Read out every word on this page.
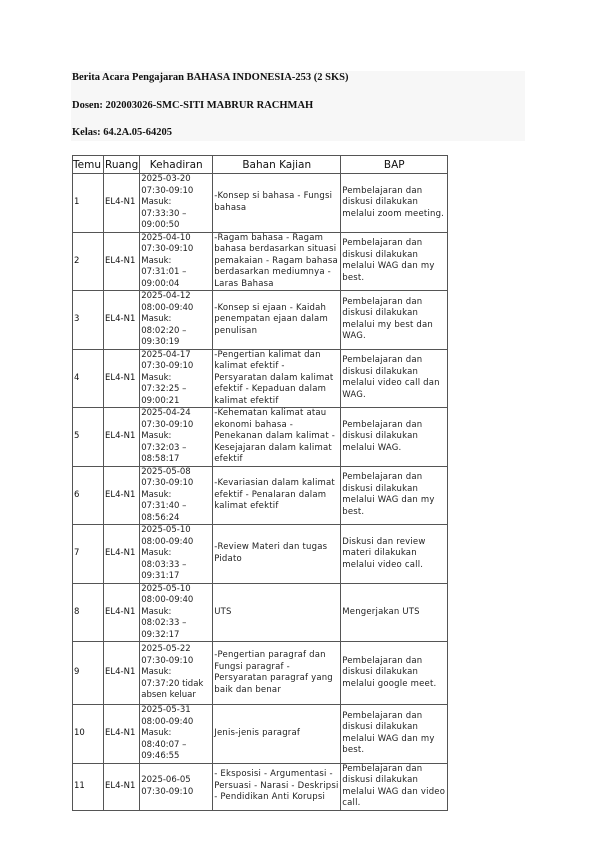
Berita Acara Pengajaran BAHASA INDONESIA-253 (2 SKS)
Dosen: 202003026-SMC-SITI MABRUR RACHMAH
Kelas: 64.2A.05-64205
Temu	Ruang	Kehadiran	Bahan Kajian	BAP
1	EL4-N1	2025-03-20
07:30-09:10
Masuk: 07:33:30 – 09:00:50	-Konsep si bahasa - Fungsi bahasa	Pembelajaran dan diskusi dilakukan melalui zoom meeting.
2	EL4-N1	2025-04-10
07:30-09:10
Masuk: 07:31:01 – 09:00:04	-Ragam bahasa - Ragam bahasa berdasarkan situasi pemakaian - Ragam bahasa berdasarkan mediumnya - Laras Bahasa	Pembelajaran dan diskusi dilakukan melalui WAG dan my best.
3	EL4-N1	2025-04-12
08:00-09:40
Masuk: 08:02:20 – 09:30:19	-Konsep si ejaan - Kaidah penempatan ejaan dalam penulisan	Pembelajaran dan diskusi dilakukan melalui my best dan WAG.
4	EL4-N1	2025-04-17
07:30-09:10
Masuk: 07:32:25 – 09:00:21	-Pengertian kalimat dan kalimat efektif - Persyaratan dalam kalimat efektif - Kepaduan dalam kalimat efektif	Pembelajaran dan diskusi dilakukan melalui video call dan WAG.
5	EL4-N1	2025-04-24
07:30-09:10
Masuk: 07:32:03 – 08:58:17	-Kehematan kalimat atau ekonomi bahasa - Penekanan dalam kalimat - Kesejajaran dalam kalimat efektif	Pembelajaran dan diskusi dilakukan melalui WAG.
6	EL4-N1	2025-05-08
07:30-09:10
Masuk: 07:31:40 – 08:56:24	-Kevariasian dalam kalimat efektif - Penalaran dalam kalimat efektif	Pembelajaran dan diskusi dilakukan melalui WAG dan my best.
7	EL4-N1	2025-05-10
08:00-09:40
Masuk: 08:03:33 – 09:31:17	-Review Materi dan tugas Pidato	Diskusi dan review materi dilakukan melalui video call.
8	EL4-N1	2025-05-10
08:00-09:40
Masuk: 08:02:33 – 09:32:17	UTS	Mengerjakan UTS
9	EL4-N1	2025-05-22
07:30-09:10
Masuk: 07:37:20 tidak absen keluar	-Pengertian paragraf dan Fungsi paragraf - Persyaratan paragraf yang baik dan benar	Pembelajaran dan diskusi dilakukan melalui google meet.
10	EL4-N1	2025-05-31
08:00-09:40
Masuk: 08:40:07 – 09:46:55	Jenis-jenis paragraf	Pembelajaran dan diskusi dilakukan melalui WAG dan my best.
11	EL4-N1	2025-06-05
07:30-09:10	- Eksposisi - Argumentasi - Persuasi - Narasi - Deskripsi - Pendidikan Anti Korupsi	Pembelajaran dan diskusi dilakukan melalui WAG dan video call.
